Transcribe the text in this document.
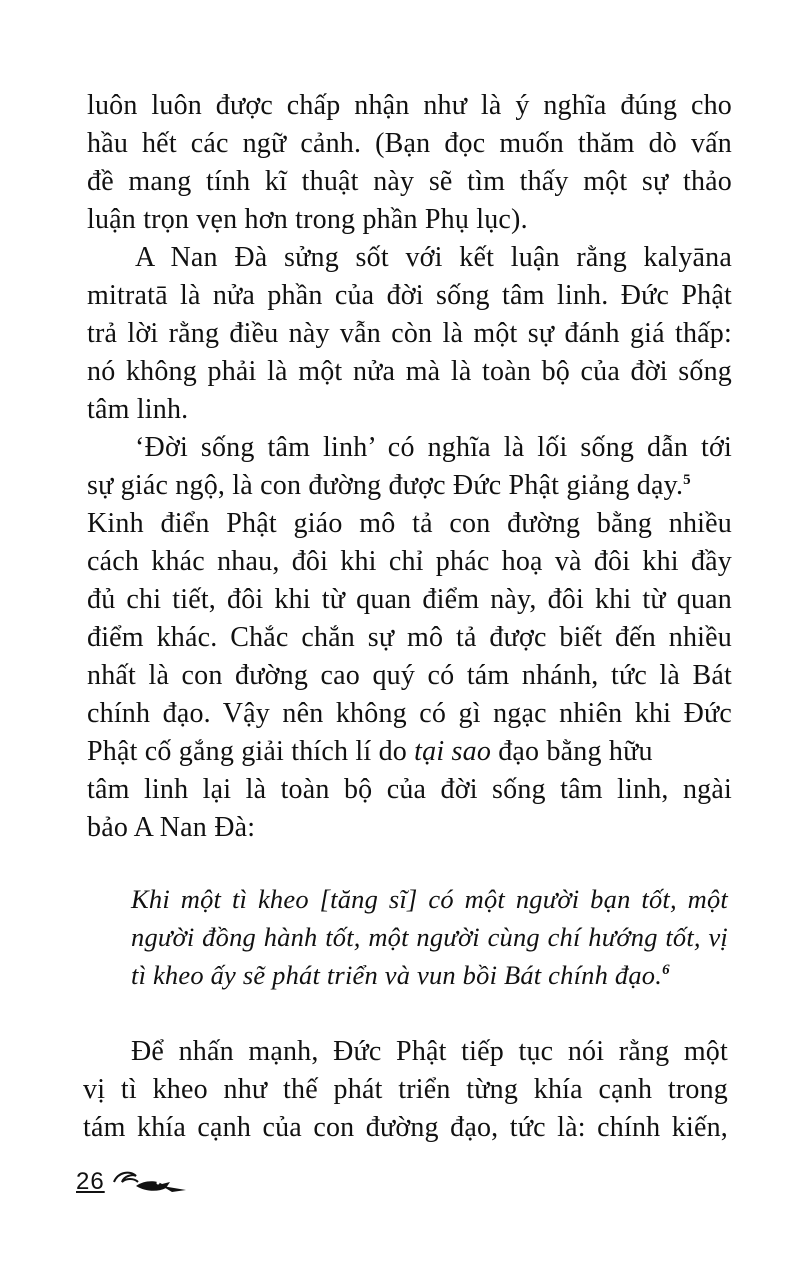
luôn luôn được chấp nhận như là ý nghĩa đúng cho
hầu hết các ngữ cảnh. (Bạn đọc muốn thăm dò vấn
đề mang tính kĩ thuật này sẽ tìm thấy một sự thảo
luận trọn vẹn hơn trong phần Phụ lục).
A Nan Đà sửng sốt với kết luận rằng kalyāna
mitratā là nửa phần của đời sống tâm linh. Đức Phật
trả lời rằng điều này vẫn còn là một sự đánh giá thấp:
nó không phải là một nửa mà là toàn bộ của đời sống
tâm linh.
‘Đời sống tâm linh’ có nghĩa là lối sống dẫn tới
sự giác ngộ, là con đường được Đức Phật giảng dạy.$^5$
Kinh điển Phật giáo mô tả con đường bằng nhiều
cách khác nhau, đôi khi chỉ phác hoạ và đôi khi đầy
đủ chi tiết, đôi khi từ quan điểm này, đôi khi từ quan
điểm khác. Chắc chắn sự mô tả được biết đến nhiều
nhất là con đường cao quý có tám nhánh, tức là Bát
chính đạo. Vậy nên không có gì ngạc nhiên khi Đức
Phật cố gắng giải thích lí do tại sao đạo bằng hữu
tâm linh lại là toàn bộ của đời sống tâm linh, ngài
bảo A Nan Đà:
Khi một tì kheo [tăng sĩ] có một người bạn tốt, một
người đồng hành tốt, một người cùng chí hướng tốt, vị
tì kheo ấy sẽ phát triển và vun bồi Bát chính đạo.$^6$
Để nhấn mạnh, Đức Phật tiếp tục nói rằng một
vị tì kheo như thế phát triển từng khía cạnh trong
tám khía cạnh của con đường đạo, tức là: chính kiến,
26
